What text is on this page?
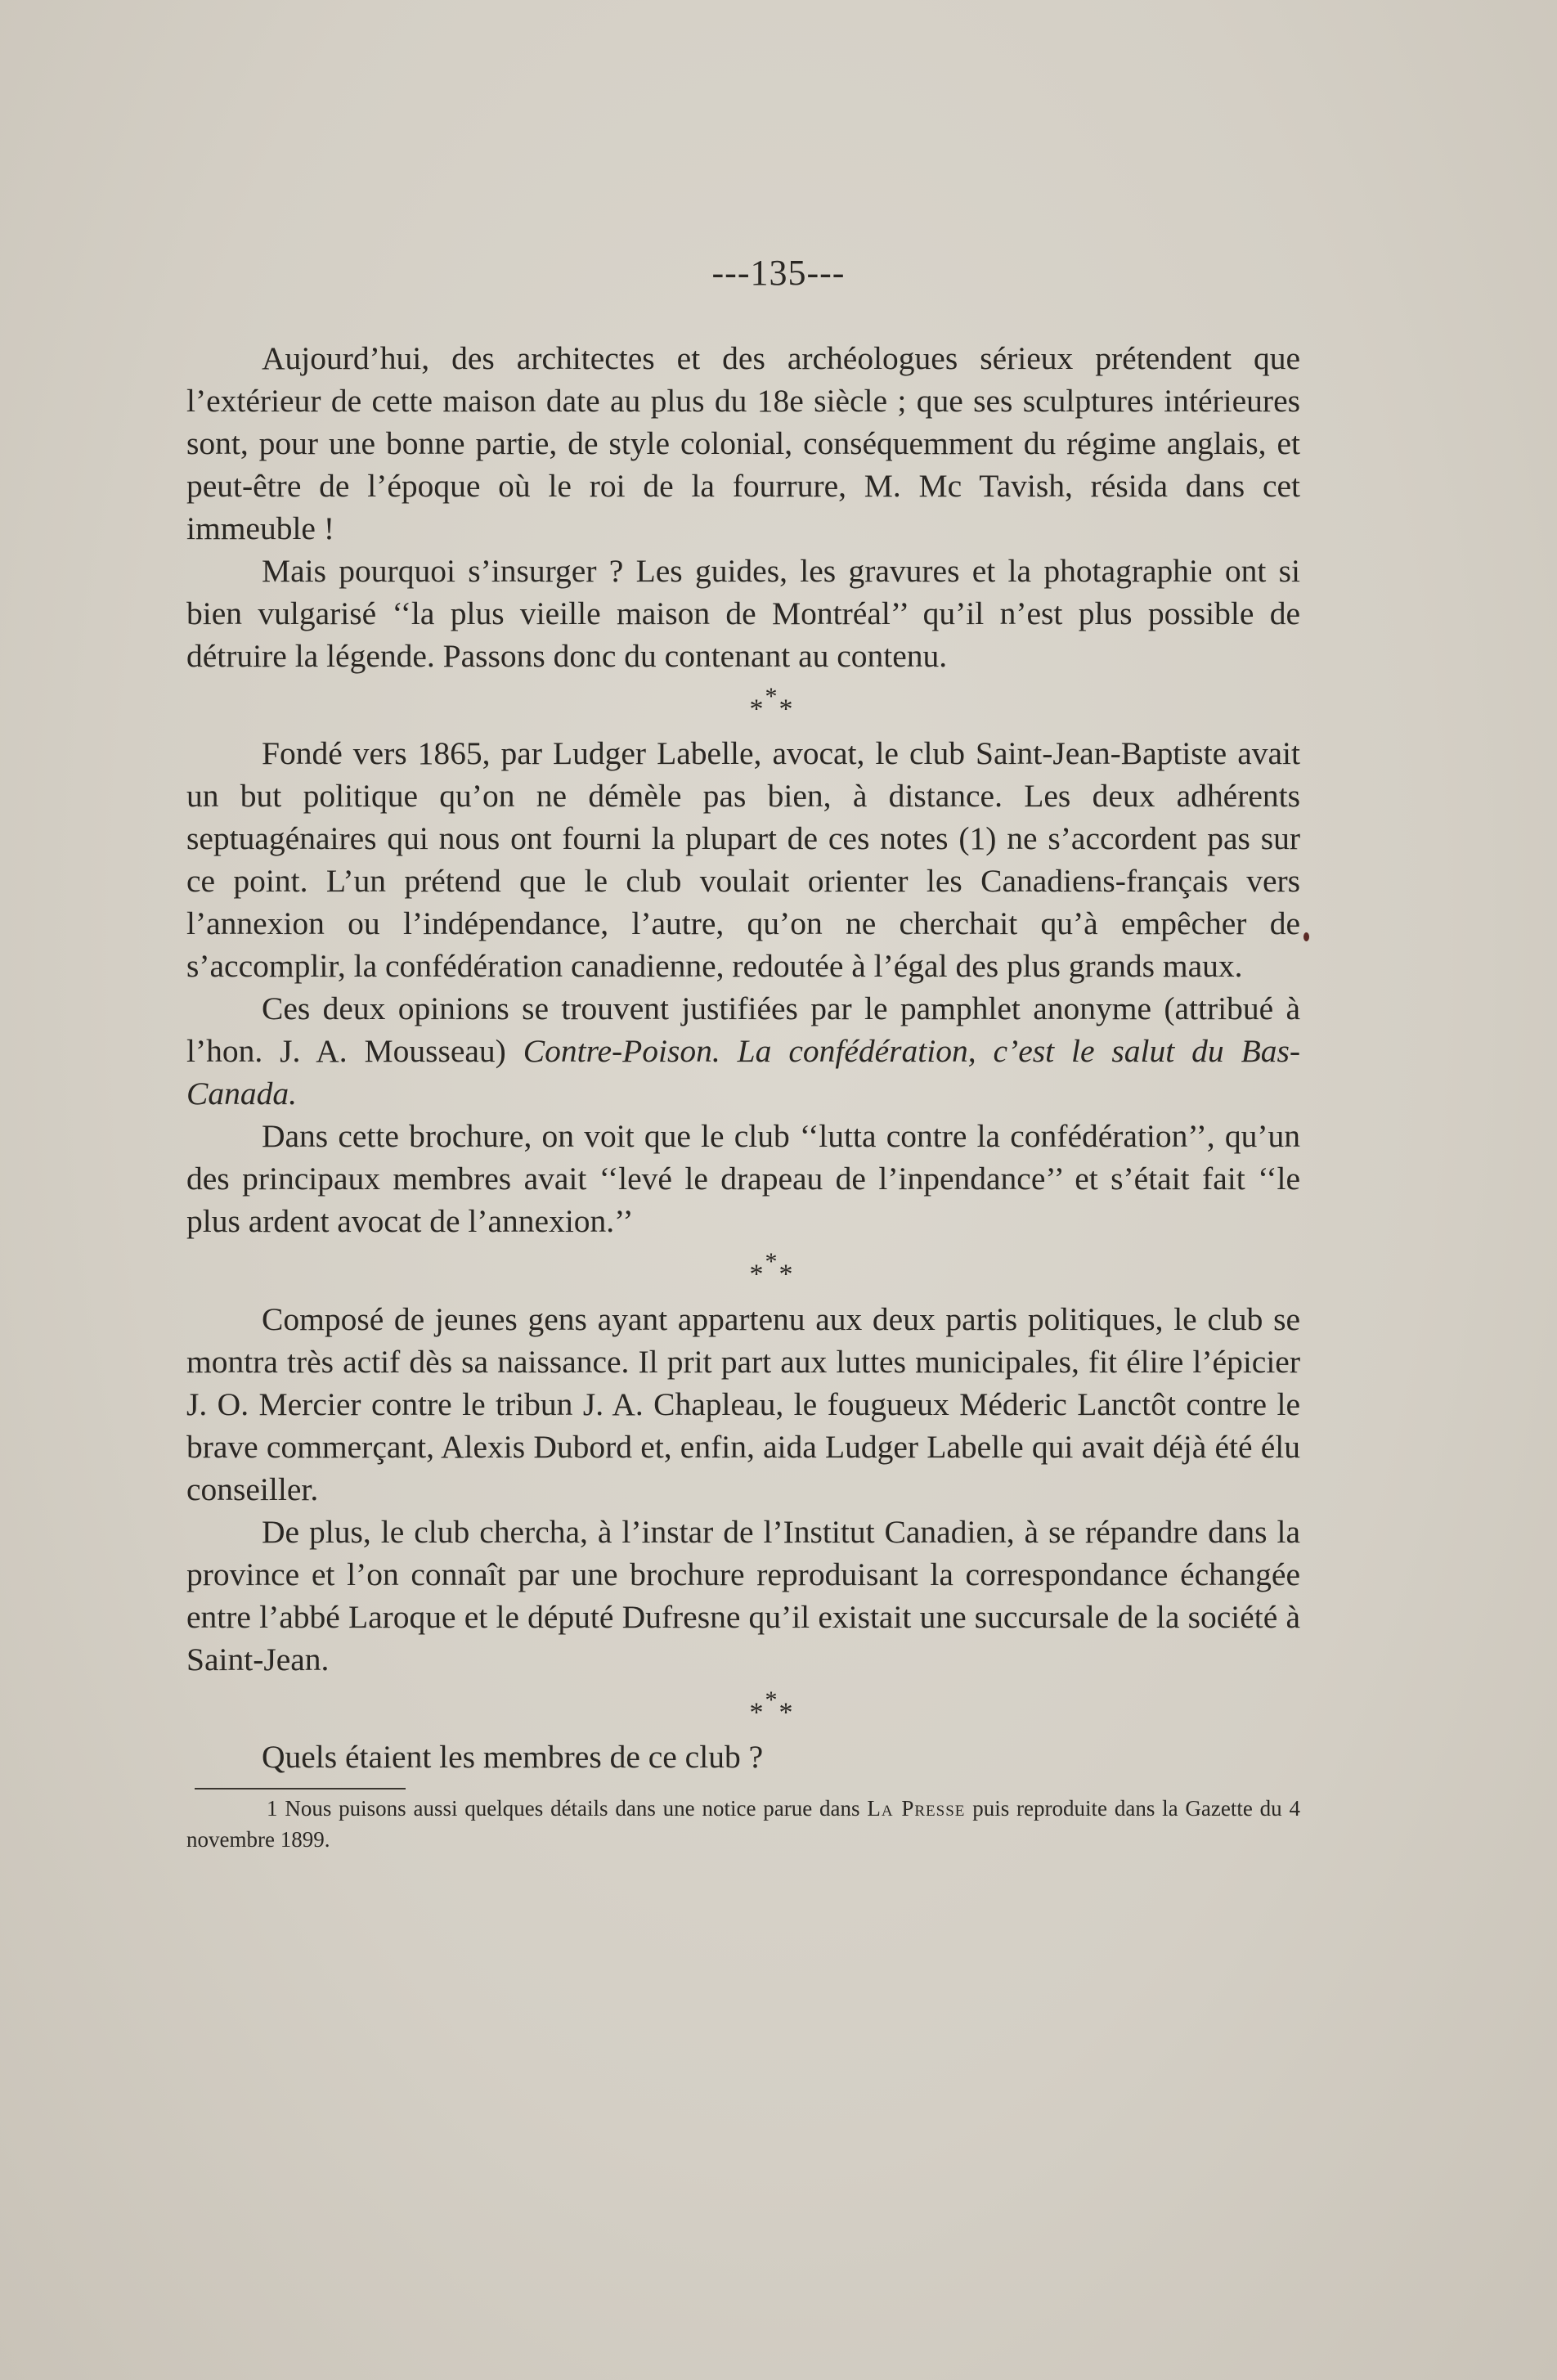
---135---

Aujourd’hui, des architectes et des archéologues sérieux prétendent que l’extérieur de cette maison date au plus du 18e siècle ; que ses sculptures intérieures sont, pour une bonne partie, de style colonial, conséquemment du régime anglais, et peut-être de l’époque où le roi de la fourrure, M. Mc Tavish, résida dans cet immeuble !

Mais pourquoi s’insurger ? Les guides, les gravures et la photagraphie ont si bien vulgarisé ‘‘la plus vieille maison de Montréal’’ qu’il n’est plus possible de détruire la légende. Passons donc du contenant au contenu.

***

Fondé vers 1865, par Ludger Labelle, avocat, le club Saint-Jean-Baptiste avait un but politique qu’on ne démèle pas bien, à distance. Les deux adhérents septuagénaires qui nous ont fourni la plupart de ces notes (1) ne s’accordent pas sur ce point. L’un prétend que le club voulait orienter les Canadiens-français vers l’annexion ou l’indépendance, l’autre, qu’on ne cherchait qu’à empêcher de s’accomplir, la confédération canadienne, redoutée à l’égal des plus grands maux.

Ces deux opinions se trouvent justifiées par le pamphlet anonyme (attribué à l’hon. J. A. Mousseau) Contre-Poison. La confédération, c’est le salut du Bas-Canada.

Dans cette brochure, on voit que le club ‘‘lutta contre la confédération’’, qu’un des principaux membres avait ‘‘levé le drapeau de l’inpendance’’ et s’était fait ‘‘le plus ardent avocat de l’annexion.’’

***

Composé de jeunes gens ayant appartenu aux deux partis politiques, le club se montra très actif dès sa naissance. Il prit part aux luttes municipales, fit élire l’épicier J. O. Mercier contre le tribun J. A. Chapleau, le fougueux Méderic Lanctôt contre le brave commerçant, Alexis Dubord et, enfin, aida Ludger Labelle qui avait déjà été élu conseiller.

De plus, le club chercha, à l’instar de l’Institut Canadien, à se répandre dans la province et l’on connaît par une brochure reproduisant la correspondance échangée entre l’abbé Laroque et le député Dufresne qu’il existait une succursale de la société à Saint-Jean.

***

Quels étaient les membres de ce club ?

1 Nous puisons aussi quelques détails dans une notice parue dans La Presse puis reproduite dans la Gazette du 4 novembre 1899.
